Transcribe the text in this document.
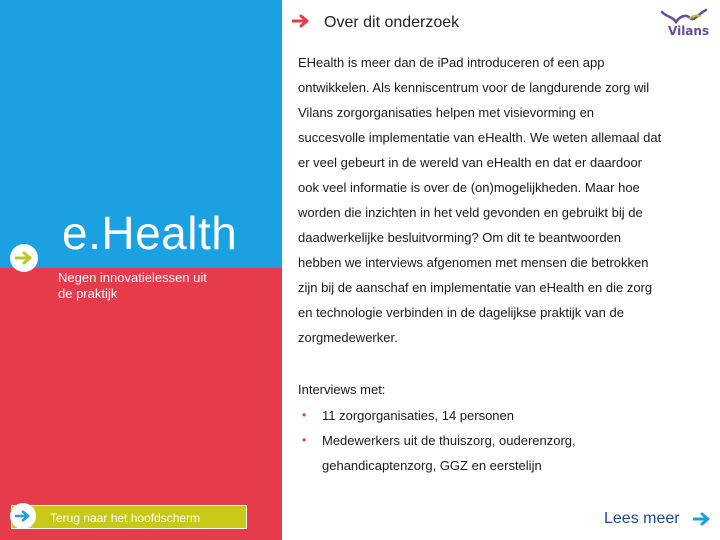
Over dit onderzoek	Vilans
e.Health
Negen innovatielessen uit de praktijk
EHealth is meer dan de iPad introduceren of een app
ontwikkelen. Als kenniscentrum voor de langdurende zorg wil
Vilans zorgorganisaties helpen met visievorming en
succesvolle implementatie van eHealth. We weten allemaal dat
er veel gebeurt in de wereld van eHealth en dat er daardoor
ook veel informatie is over de (on)mogelijkheden. Maar hoe
worden die inzichten in het veld gevonden en gebruikt bij de
daadwerkelijke besluitvorming? Om dit te beantwoorden
hebben we interviews afgenomen met mensen die betrokken
zijn bij de aanschaf en implementatie van eHealth en die zorg
en technologie verbinden in de dagelijkse praktijk van de
zorgmedewerker.
Interviews met:
• 11 zorgorganisaties, 14 personen
• Medewerkers uit de thuiszorg, ouderenzorg,
gehandicaptenzorg, GGZ en eerstelijn
Terug naar het hoofdscherm	Lees meer
